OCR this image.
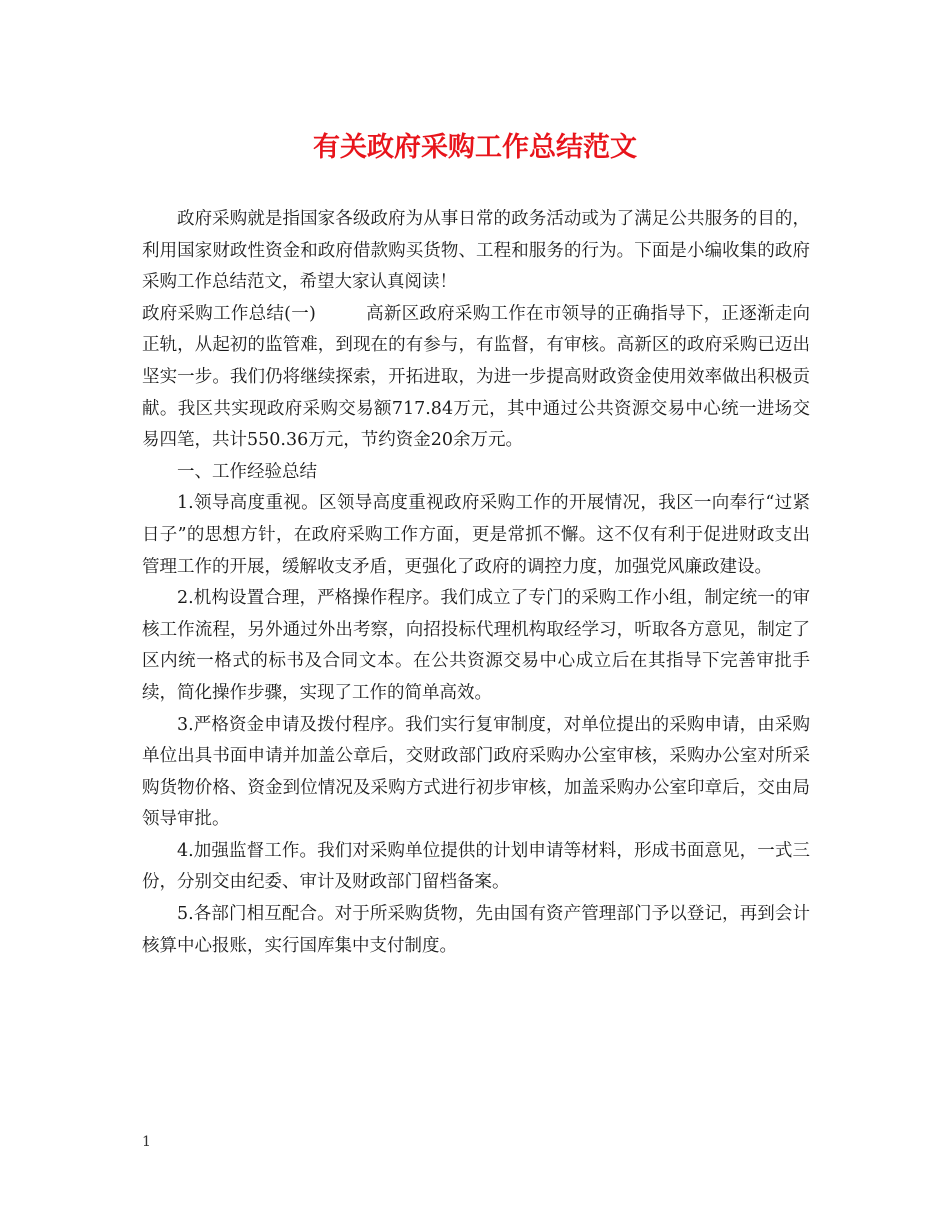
有关政府采购工作总结范文

政府采购就是指国家各级政府为从事日常的政务活动或为了满足公共服务的目的，利用国家财政性资金和政府借款购买货物、工程和服务的行为。下面是小编收集的政府采购工作总结范文，希望大家认真阅读！

政府采购工作总结(一)	高新区政府采购工作在市领导的正确指导下，正逐渐走向正轨，从起初的监管难，到现在的有参与，有监督，有审核。高新区的政府采购已迈出坚实一步。我们仍将继续探索，开拓进取，为进一步提高财政资金使用效率做出积极贡献。我区共实现政府采购交易额717.84万元，其中通过公共资源交易中心统一进场交易四笔，共计550.36万元，节约资金20余万元。

一、工作经验总结

1.领导高度重视。区领导高度重视政府采购工作的开展情况，我区一向奉行“过紧日子”的思想方针，在政府采购工作方面，更是常抓不懈。这不仅有利于促进财政支出管理工作的开展，缓解收支矛盾，更强化了政府的调控力度，加强党风廉政建设。

2.机构设置合理，严格操作程序。我们成立了专门的采购工作小组，制定统一的审核工作流程，另外通过外出考察，向招投标代理机构取经学习，听取各方意见，制定了区内统一格式的标书及合同文本。在公共资源交易中心成立后在其指导下完善审批手续，简化操作步骤，实现了工作的简单高效。

3.严格资金申请及拨付程序。我们实行复审制度，对单位提出的采购申请，由采购单位出具书面申请并加盖公章后，交财政部门政府采购办公室审核，采购办公室对所采购货物价格、资金到位情况及采购方式进行初步审核，加盖采购办公室印章后，交由局领导审批。

4.加强监督工作。我们对采购单位提供的计划申请等材料，形成书面意见，一式三份，分别交由纪委、审计及财政部门留档备案。

5.各部门相互配合。对于所采购货物，先由国有资产管理部门予以登记，再到会计核算中心报账，实行国库集中支付制度。

1
